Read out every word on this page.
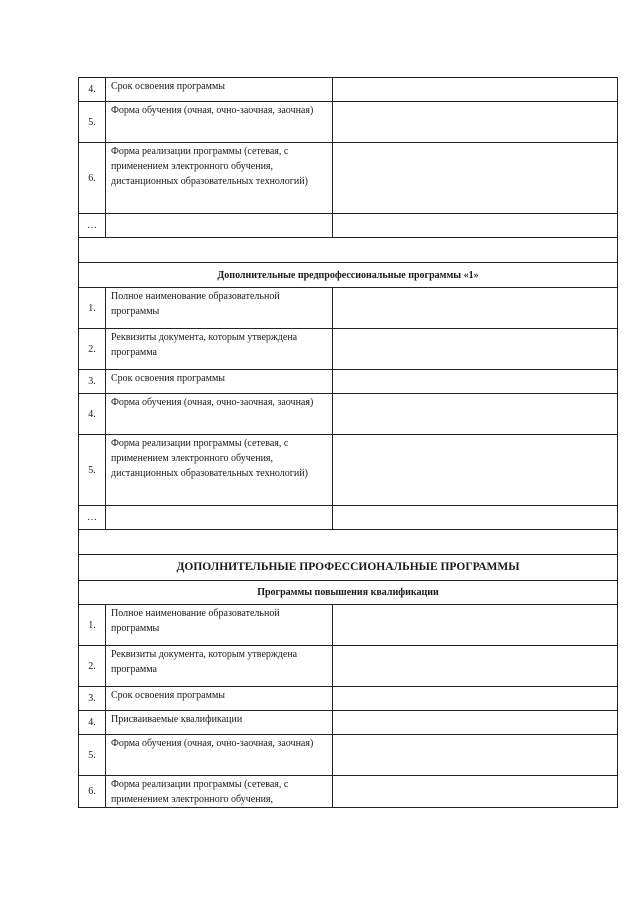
4.	Срок освоения программы	
5.	Форма обучения (очная, очно-заочная, заочная)	
6.	Форма реализации программы (сетевая, с применением электронного обучения, дистанционных образовательных технологий)	
…		

Дополнительные предпрофессиональные программы «1»		
1.	Полное наименование образовательной программы	
2.	Реквизиты документа, которым утверждена программа	
3.	Срок освоения программы	
4.	Форма обучения (очная, очно-заочная, заочная)	
5.	Форма реализации программы (сетевая, с применением электронного обучения, дистанционных образовательных технологий)	
…		

ДОПОЛНИТЕЛЬНЫЕ ПРОФЕССИОНАЛЬНЫЕ ПРОГРАММЫ		
Программы повышения квалификации		
1.	Полное наименование образовательной программы	
2.	Реквизиты документа, которым утверждена программа	
3.	Срок освоения программы	
4.	Присваиваемые квалификации	
5.	Форма обучения (очная, очно-заочная, заочная)	
6.	Форма реализации программы (сетевая, с применением электронного обучения,	
